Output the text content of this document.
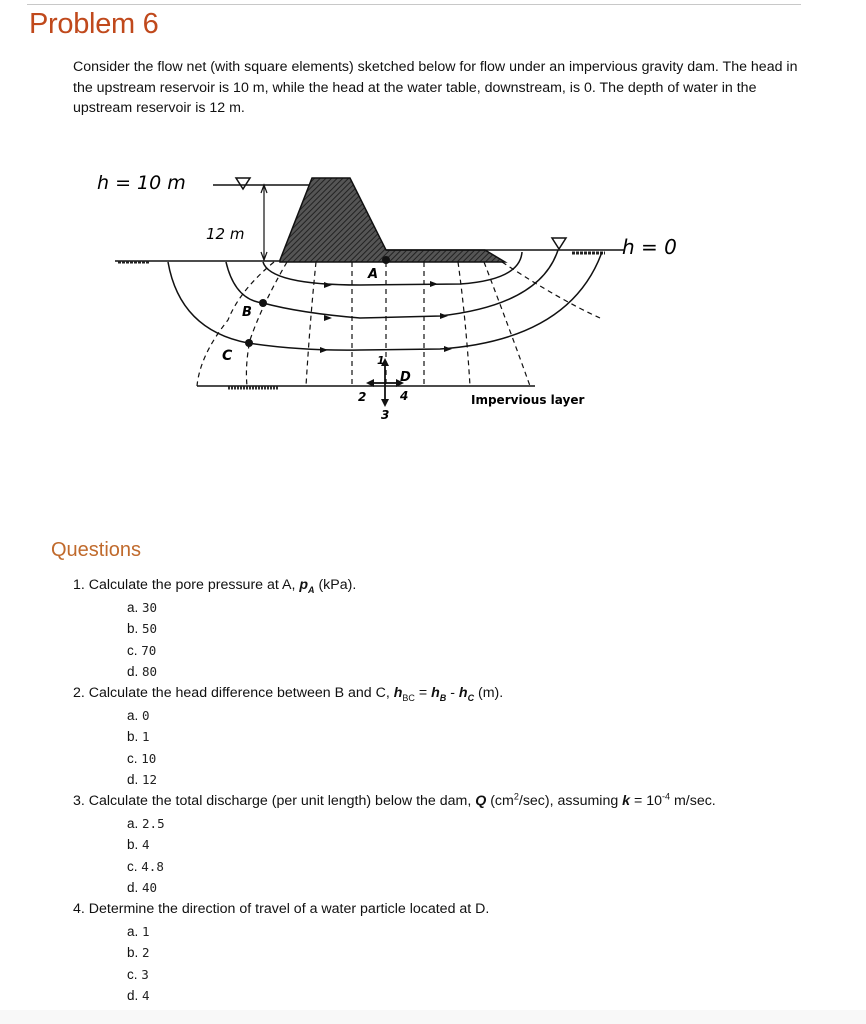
Problem 6
Consider the flow net (with square elements) sketched below for flow under an impervious gravity dam. The head in the upstream reservoir is 10 m, while the head at the water table, downstream, is 0. The depth of water in the upstream reservoir is 12 m.
h = 10 m
h = 0
12 m
A
B
C
D
1
2
3
4	Impervious layer
Questions
1. Calculate the pore pressure at A, $p_A$ (kPa).
a. 30
b. 50
c. 70
d. 80
2. Calculate the head difference between B and C, $h_{BC} = h_B - h_C$ (m).
a. 0
b. 1
c. 10
d. 12
3. Calculate the total discharge (per unit length) below the dam, Q $(cm^2/\sec)$, assuming $k = 10^{-4}$ m/sec.
a. 2.5
b. 4
c. 4.8
d. 40
4. Determine the direction of travel of a water particle located at D.
a. 1
b. 2
c. 3
d. 4
